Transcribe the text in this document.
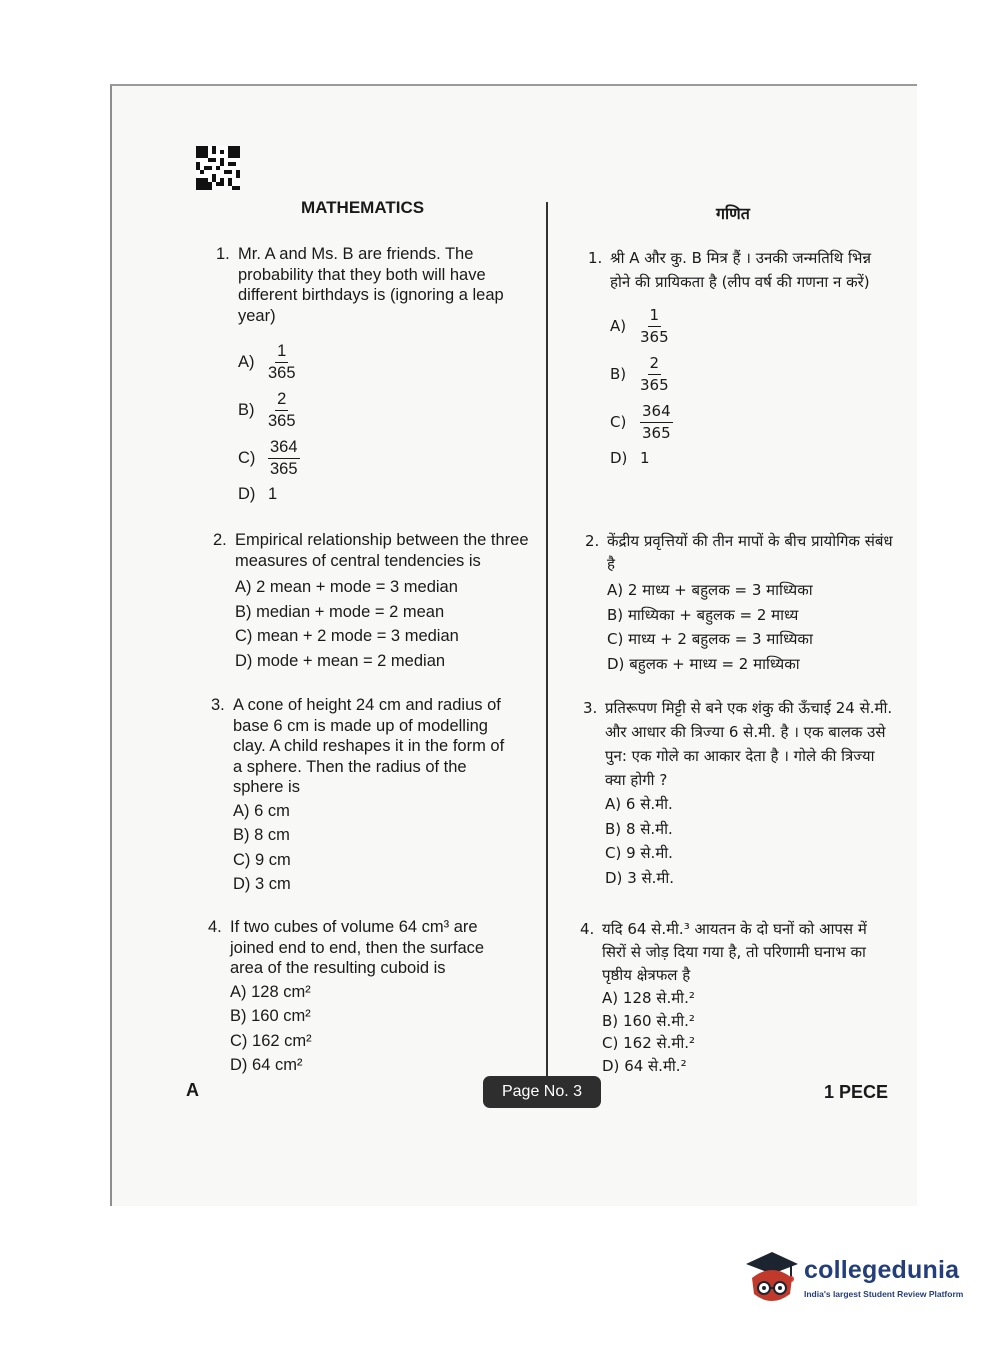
MATHEMATICS	गणित
1. Mr. A and Ms. B are friends. The probability that they both will have different birthdays is (ignoring a leap year)
$A) \frac{1}{365}$
$B) \frac{2}{365}$
$C) \frac{364}{365}$
D) 1
2. Empirical relationship between the three measures of central tendencies is
A) 2 mean + mode = 3 median
B) median + mode = 2 mean
C) mean + 2 mode = 3 median
D) mode + mean = 2 median
3. A cone of height 24 cm and radius of base 6 cm is made up of modelling clay. A child reshapes it in the form of a sphere. Then the radius of the sphere is
A) 6 cm
B) 8 cm
C) 9 cm
D) 3 cm
4. If two cubes of volume 64 cm³ are joined end to end, then the surface area of the resulting cuboid is
A) 128 cm²
B) 160 cm²
C) 162 cm²
D) 64 cm²
1. श्री A और कु. B मित्र हैं । उनकी जन्मतिथि भिन्न होने की प्रायिकता है (लीप वर्ष की गणना न करें)
$A) \frac{1}{365}$
$B) \frac{2}{365}$
$C) \frac{364}{365}$
D) 1
2. केंद्रीय प्रवृत्तियों की तीन मापों के बीच प्रायोगिक संबंध है
A) 2 माध्य + बहुलक = 3 माध्यिका
B) माध्यिका + बहुलक = 2 माध्य
C) माध्य + 2 बहुलक = 3 माध्यिका
D) बहुलक + माध्य = 2 माध्यिका
3. प्रतिरूपण मिट्टी से बने एक शंकु की ऊँचाई 24 से.मी. और आधार की त्रिज्या 6 से.मी. है । एक बालक उसे पुन: एक गोले का आकार देता है । गोले की त्रिज्या क्या होगी ?
A) 6 से.मी.
B) 8 से.मी.
C) 9 से.मी.
D) 3 से.मी.
4. यदि 64 से.मी.³ आयतन के दो घनों को आपस में सिरों से जोड़ दिया गया है, तो परिणामी घनाभ का पृष्ठीय क्षेत्रफल है
A) 128 से.मी.²
B) 160 से.मी.²
C) 162 से.मी.²
D) 64 से.मी.²
A	Page No. 3	1 PECE
collegedunia
India's largest Student Review Platform
